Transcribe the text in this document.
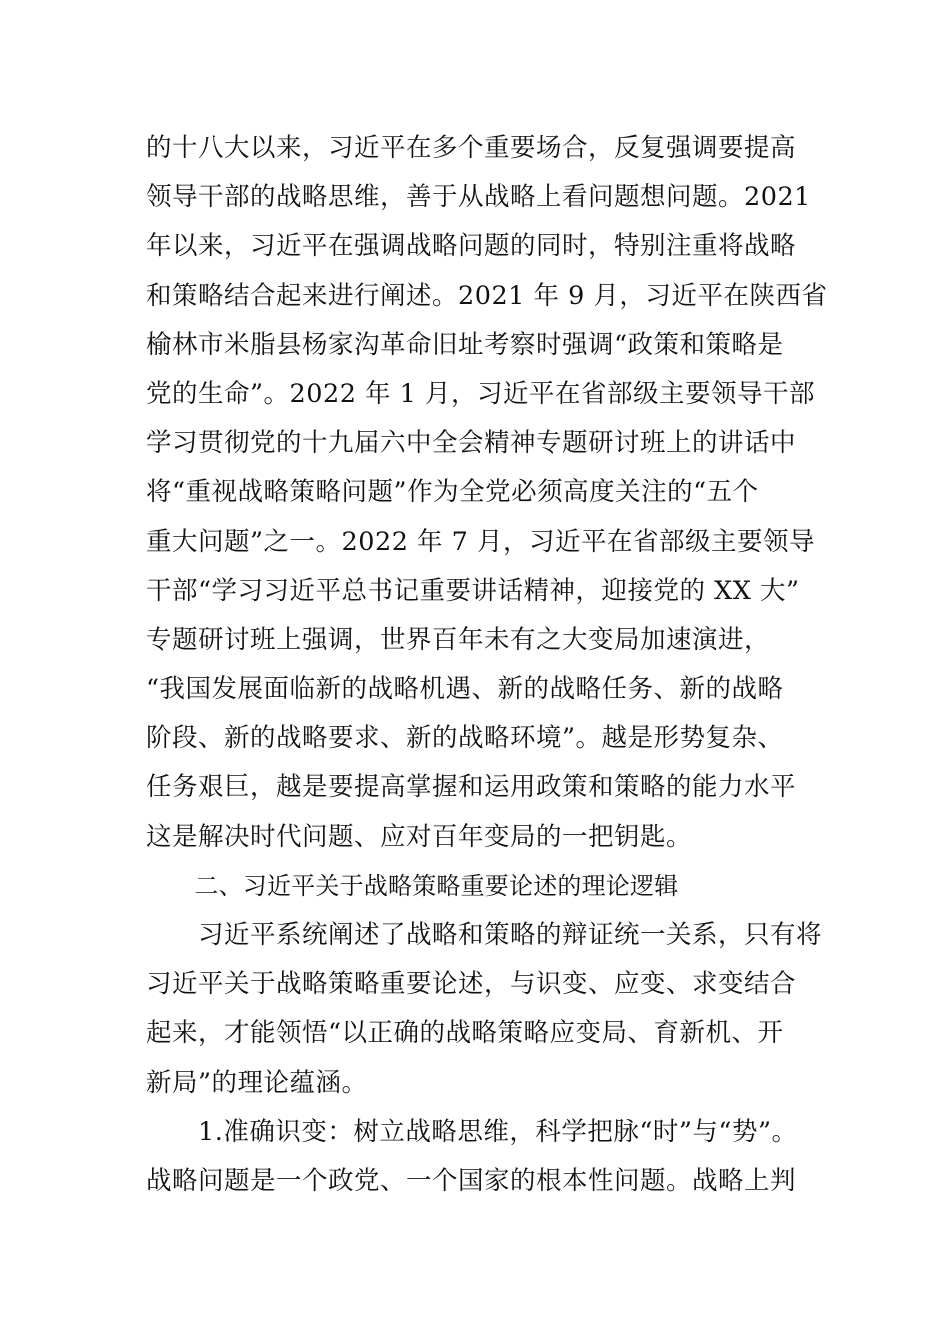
的十八大以来，习近平在多个重要场合，反复强调要提高
领导干部的战略思维，善于从战略上看问题想问题。2021
年以来，习近平在强调战略问题的同时，特别注重将战略
和策略结合起来进行阐述。2021 年 9 月，习近平在陕西省
榆林市米脂县杨家沟革命旧址考察时强调“政策和策略是
党的生命”。2022 年 1 月，习近平在省部级主要领导干部
学习贯彻党的十九届六中全会精神专题研讨班上的讲话中
将“重视战略策略问题”作为全党必须高度关注的“五个
重大问题”之一。2022 年 7 月，习近平在省部级主要领导
干部“学习习近平总书记重要讲话精神，迎接党的 XX 大”
专题研讨班上强调，世界百年未有之大变局加速演进，
“我国发展面临新的战略机遇、新的战略任务、新的战略
阶段、新的战略要求、新的战略环境”。越是形势复杂、
任务艰巨，越是要提高掌握和运用政策和策略的能力水平
这是解决时代问题、应对百年变局的一把钥匙。
　　二、习近平关于战略策略重要论述的理论逻辑
　　习近平系统阐述了战略和策略的辩证统一关系，只有将
习近平关于战略策略重要论述，与识变、应变、求变结合
起来，才能领悟“以正确的战略策略应变局、育新机、开
新局”的理论蕴涵。
　　1.准确识变：树立战略思维，科学把脉“时”与“势”。
战略问题是一个政党、一个国家的根本性问题。战略上判
